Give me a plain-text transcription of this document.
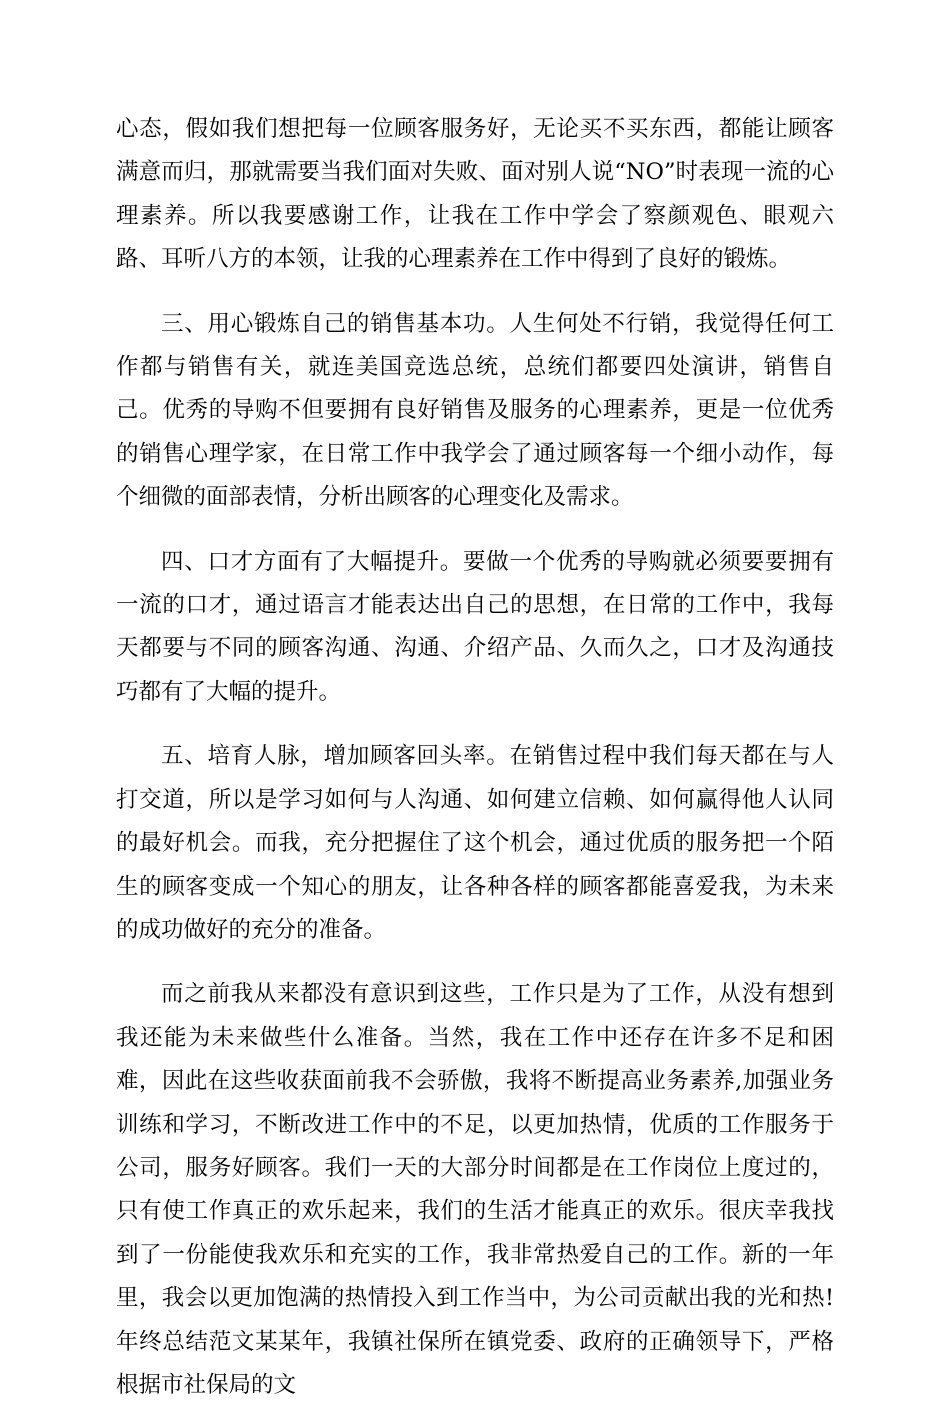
心态，假如我们想把每一位顾客服务好，无论买不买东西，都能让顾客满意而归，那就需要当我们面对失败、面对别人说“NO”时表现一流的心理素养。所以我要感谢工作，让我在工作中学会了察颜观色、眼观六路、耳听八方的本领，让我的心理素养在工作中得到了良好的锻炼。

三、用心锻炼自己的销售基本功。人生何处不行销，我觉得任何工作都与销售有关，就连美国竞选总统，总统们都要四处演讲，销售自己。优秀的导购不但要拥有良好销售及服务的心理素养，更是一位优秀的销售心理学家，在日常工作中我学会了通过顾客每一个细小动作，每个细微的面部表情，分析出顾客的心理变化及需求。

四、口才方面有了大幅提升。要做一个优秀的导购就必须要要拥有一流的口才，通过语言才能表达出自己的思想，在日常的工作中，我每天都要与不同的顾客沟通、沟通、介绍产品、久而久之，口才及沟通技巧都有了大幅的提升。

五、培育人脉，增加顾客回头率。在销售过程中我们每天都在与人打交道，所以是学习如何与人沟通、如何建立信赖、如何赢得他人认同的最好机会。而我，充分把握住了这个机会，通过优质的服务把一个陌生的顾客变成一个知心的朋友，让各种各样的顾客都能喜爱我，为未来的成功做好的充分的准备。

而之前我从来都没有意识到这些，工作只是为了工作，从没有想到我还能为未来做些什么准备。当然，我在工作中还存在许多不足和困难，因此在这些收获面前我不会骄傲，我将不断提高业务素养,加强业务训练和学习，不断改进工作中的不足，以更加热情，优质的工作服务于公司，服务好顾客。我们一天的大部分时间都是在工作岗位上度过的，只有使工作真正的欢乐起来，我们的生活才能真正的欢乐。很庆幸我找到了一份能使我欢乐和充实的工作，我非常热爱自己的工作。新的一年里，我会以更加饱满的热情投入到工作当中，为公司贡献出我的光和热!年终总结范文某某年，我镇社保所在镇党委、政府的正确领导下，严格根据市社保局的文
